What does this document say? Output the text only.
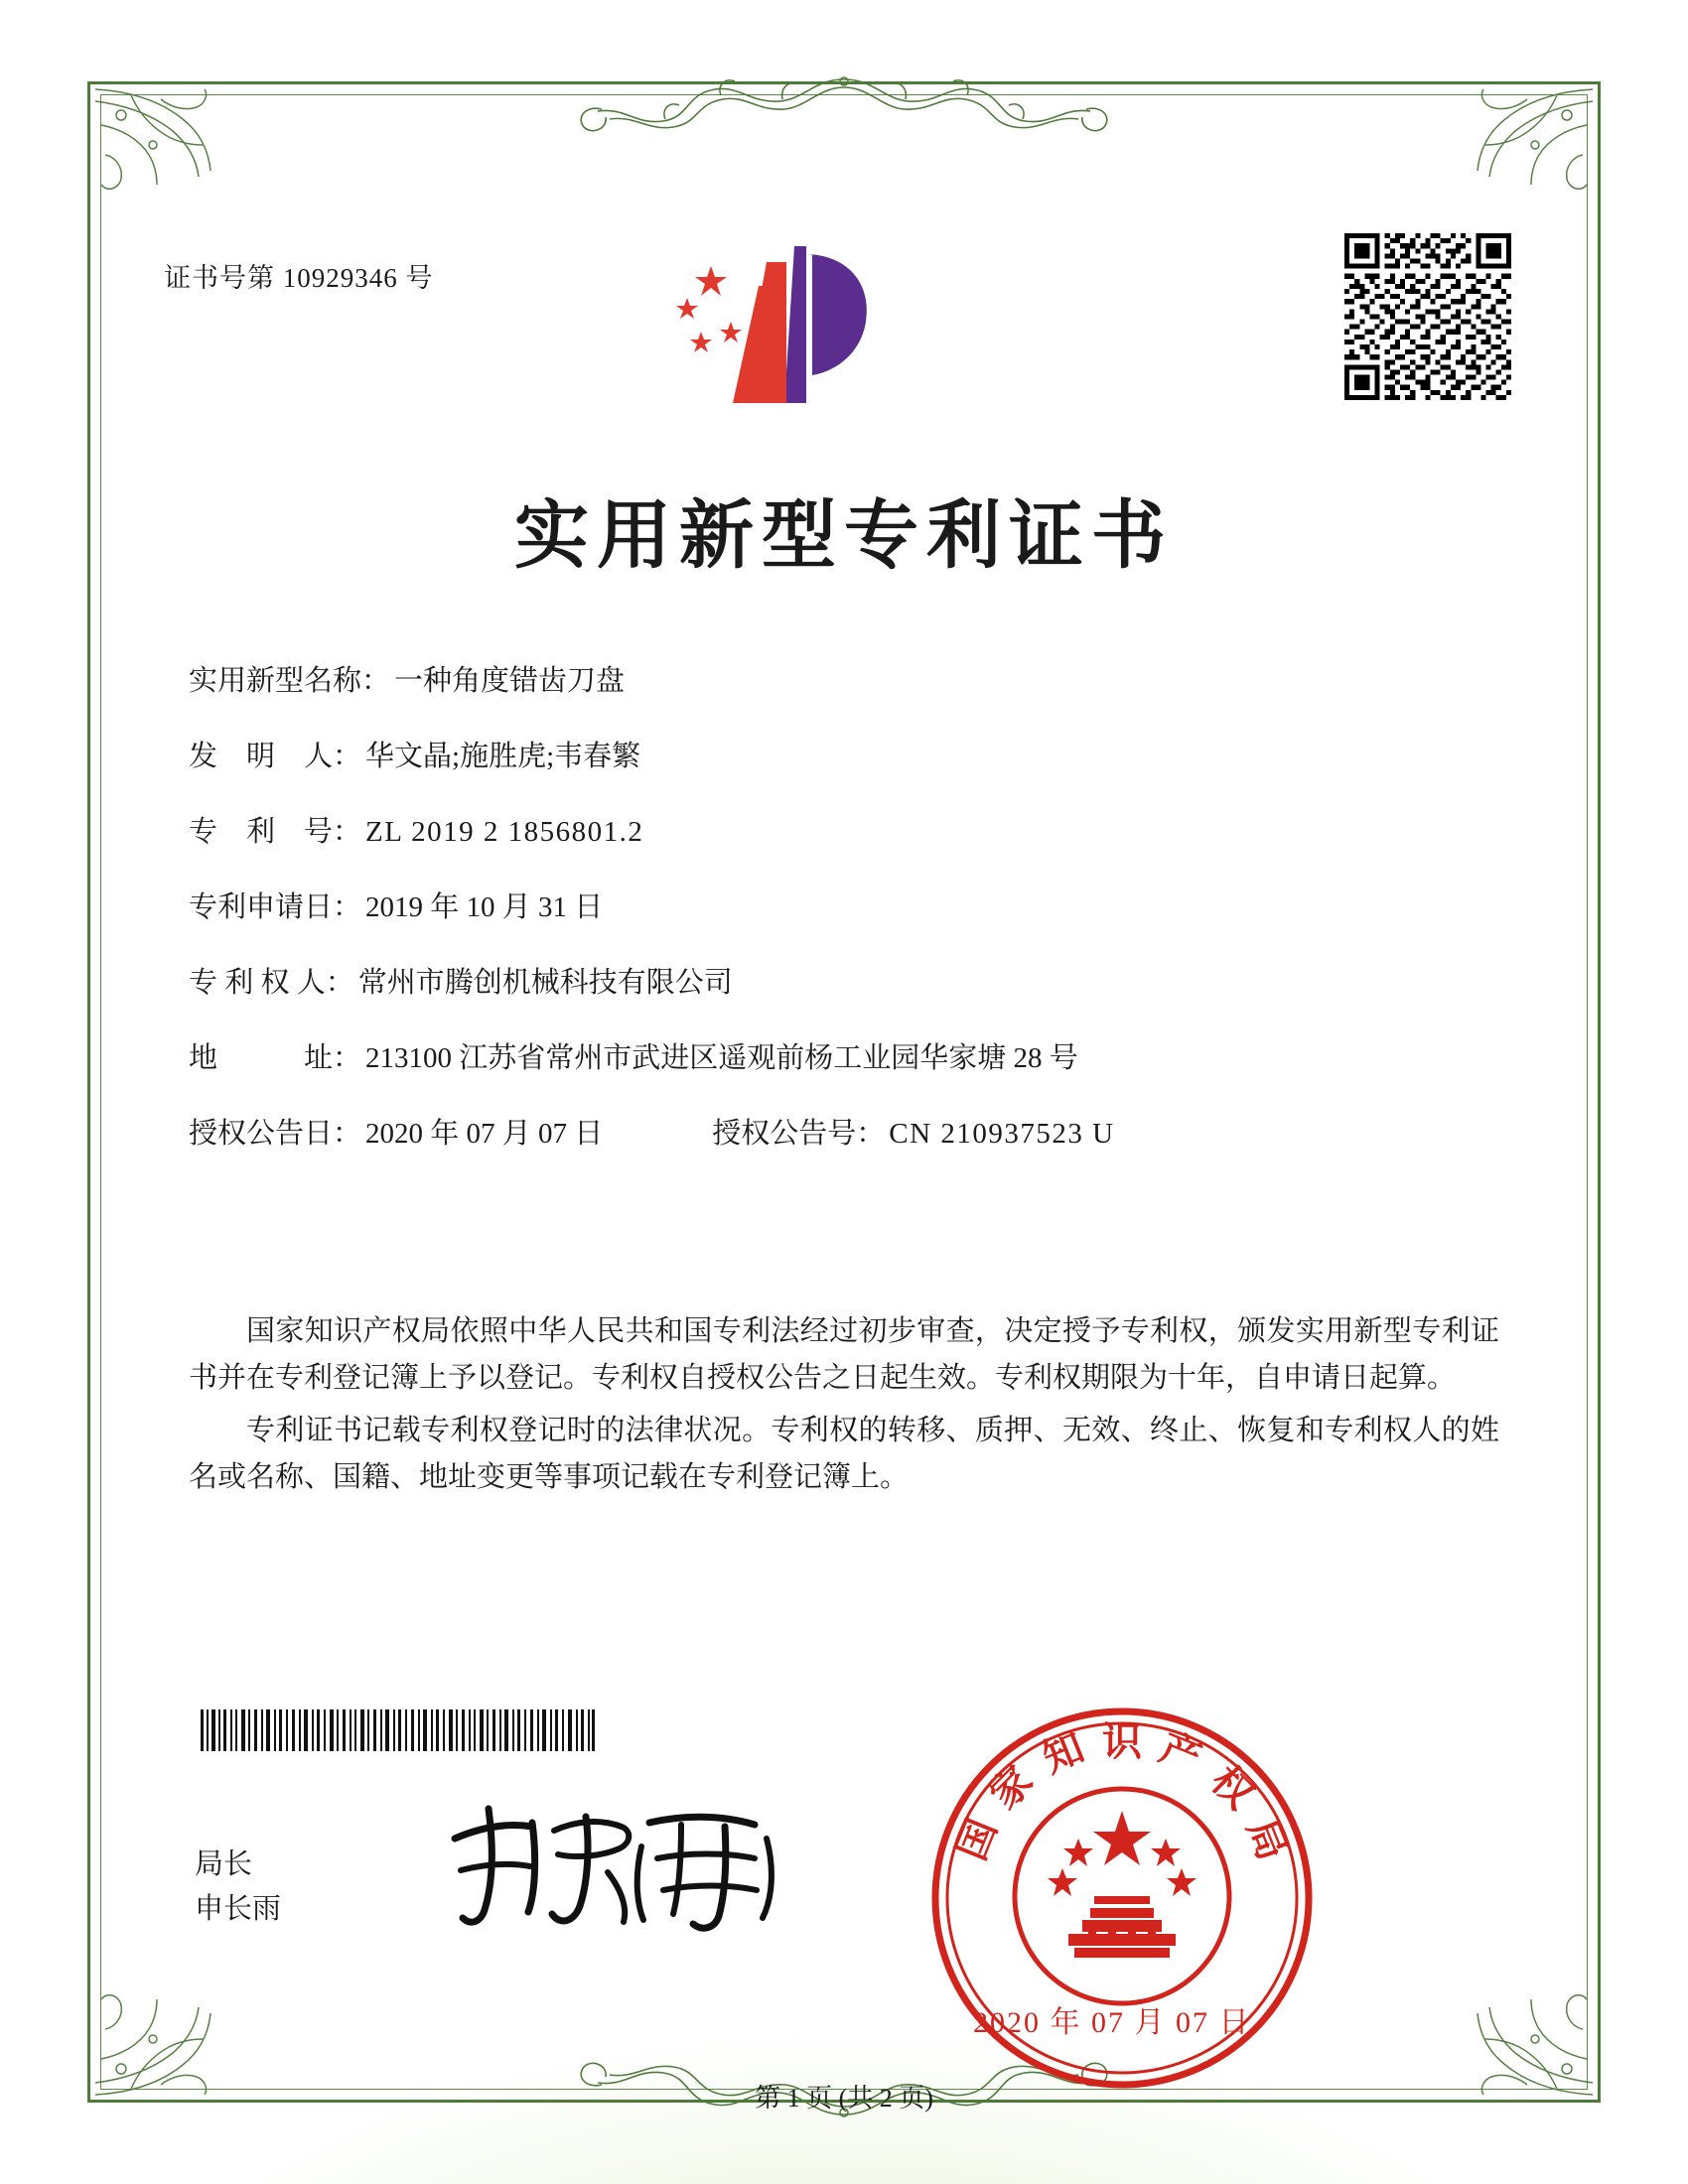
证书号第 10929346 号
实用新型专利证书
实用新型名称： 一种角度错齿刀盘
发　明　人： 华文晶;施胜虎;韦春繁
专　利　号： ZL 2019 2 1856801.2
专利申请日： 2019 年 10 月 31 日
专 利 权 人： 常州市腾创机械科技有限公司
地　　　址： 213100 江苏省常州市武进区遥观前杨工业园华家塘 28 号
授权公告日： 2020 年 07 月 07 日	授权公告号： CN 210937523 U

国家知识产权局依照中华人民共和国专利法经过初步审查，决定授予专利权，颁发实用新型专利证书并在专利登记簿上予以登记。专利权自授权公告之日起生效。专利权期限为十年，自申请日起算。

专利证书记载专利权登记时的法律状况。专利权的转移、质押、无效、终止、恢复和专利权人的姓名或名称、国籍、地址变更等事项记载在专利登记簿上。

局长
申长雨
国
家
知 识 产
权
局
2020 年 07 月 07 日
第 1 页 (共 2 页)
